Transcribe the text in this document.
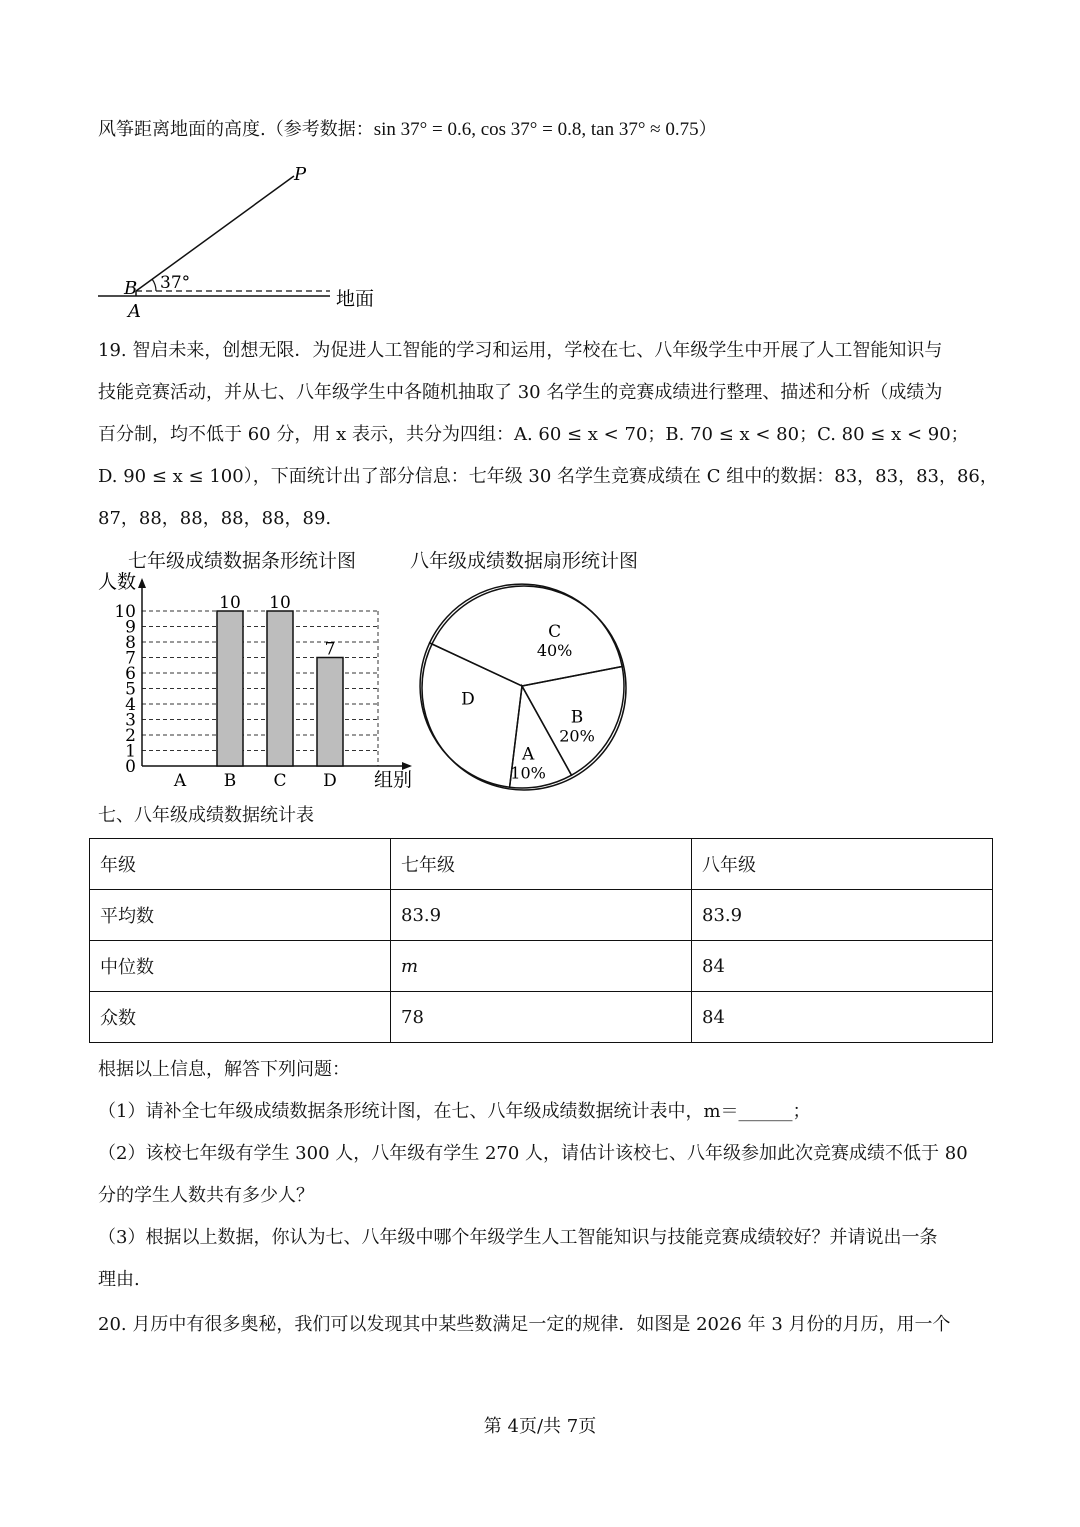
风筝距离地面的高度.（参考数据：sin 37° = 0.6, cos 37° = 0.8, tan 37° ≈ 0.75）
P
B
A
37°
地面
19. 智启未来，创想无限．为促进人工智能的学习和运用，学校在七、八年级学生中开展了人工智能知识与
技能竞赛活动，并从七、八年级学生中各随机抽取了 30 名学生的竞赛成绩进行整理、描述和分析（成绩为
百分制，均不低于 60 分，用 x 表示，共分为四组：A. 60 ≤ x < 70；B. 70 ≤ x < 80；C. 80 ≤ x < 90；
D. 90 ≤ x ≤ 100），下面统计出了部分信息：七年级 30 名学生竞赛成绩在 C 组中的数据：83，83，83，86，
87，88，88，88，88，89.
七年级成绩数据条形统计图	八年级成绩数据扇形统计图
0
1
2
3
4
5
6
7
8
9
10
人数
组别
A B
10
C
10
D
7
C
40%
B
20%
A
10%
D
七、八年级成绩数据统计表
年级	七年级	八年级
平均数	83.9	83.9
中位数	m	84
众数	78	84
根据以上信息，解答下列问题：
（1）请补全七年级成绩数据条形统计图，在七、八年级成绩数据统计表中，m＝______；
（2）该校七年级有学生 300 人，八年级有学生 270 人，请估计该校七、八年级参加此次竞赛成绩不低于 80
分的学生人数共有多少人？
（3）根据以上数据，你认为七、八年级中哪个年级学生人工智能知识与技能竞赛成绩较好？并请说出一条
理由.
20. 月历中有很多奥秘，我们可以发现其中某些数满足一定的规律．如图是 2026 年 3 月份的月历，用一个
第 4页/共 7页
